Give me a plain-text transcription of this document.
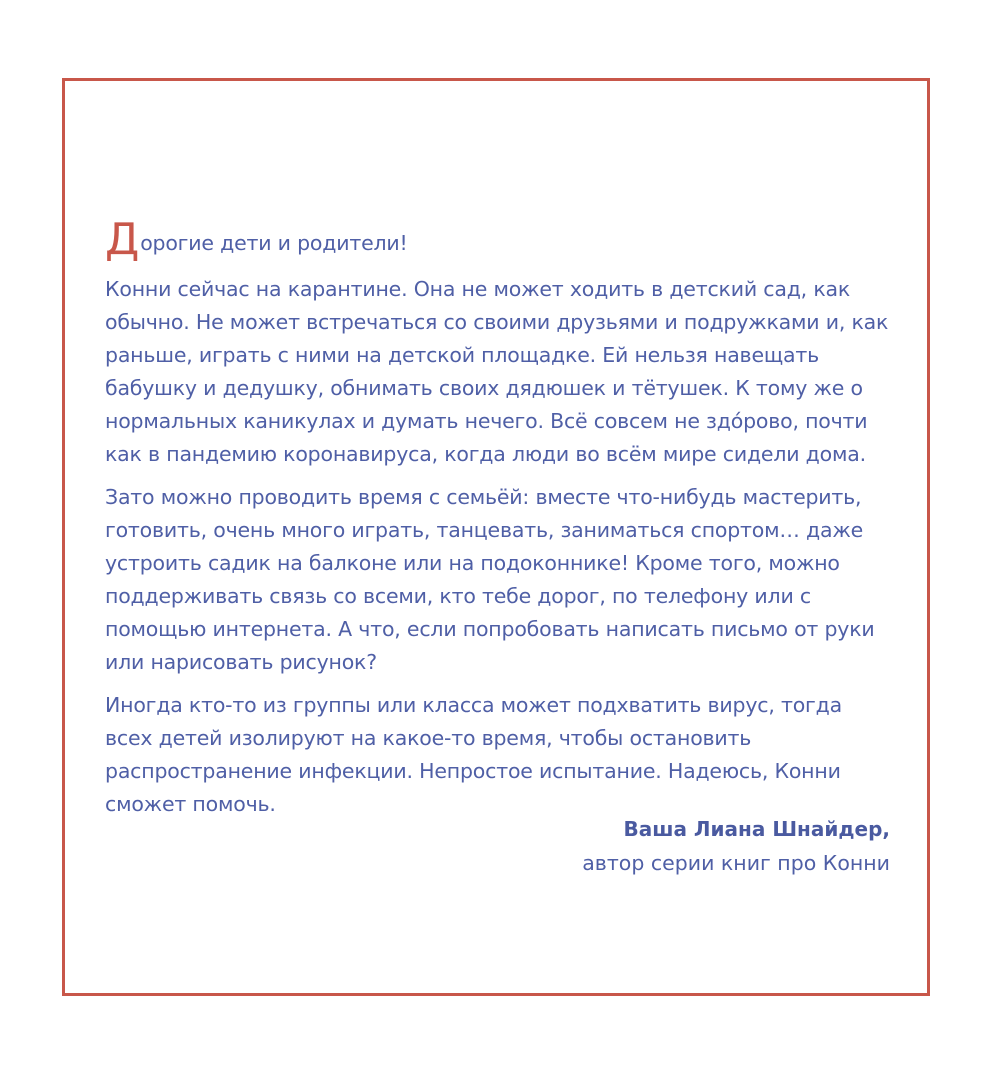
Дорогие дети и родители!

Конни сейчас на карантине. Она не может ходить в детский сад, как обычно. Не может встречаться со своими друзьями и подружками и, как раньше, играть с ними на детской площадке. Ей нельзя навещать бабушку и дедушку, обнимать своих дядюшек и тётушек. К тому же о нормальных каникулах и думать нечего. Всё совсем не здо́рово, почти как в пандемию коронавируса, когда люди во всём мире сидели дома.

Зато можно проводить время с семьёй: вместе что-нибудь мастерить, готовить, очень много играть, танцевать, заниматься спортом… даже устроить садик на балконе или на подоконнике! Кроме того, можно поддерживать связь со всеми, кто тебе дорог, по телефону или с помощью интернета. А что, если попробовать написать письмо от руки или нарисовать рисунок?

Иногда кто-то из группы или класса может подхватить вирус, тогда всех детей изолируют на какое-то время, чтобы остановить распространение инфекции. Непростое испытание. Надеюсь, Конни сможет помочь.

Ваша Лиана Шнайдер,
автор серии книг про Конни
